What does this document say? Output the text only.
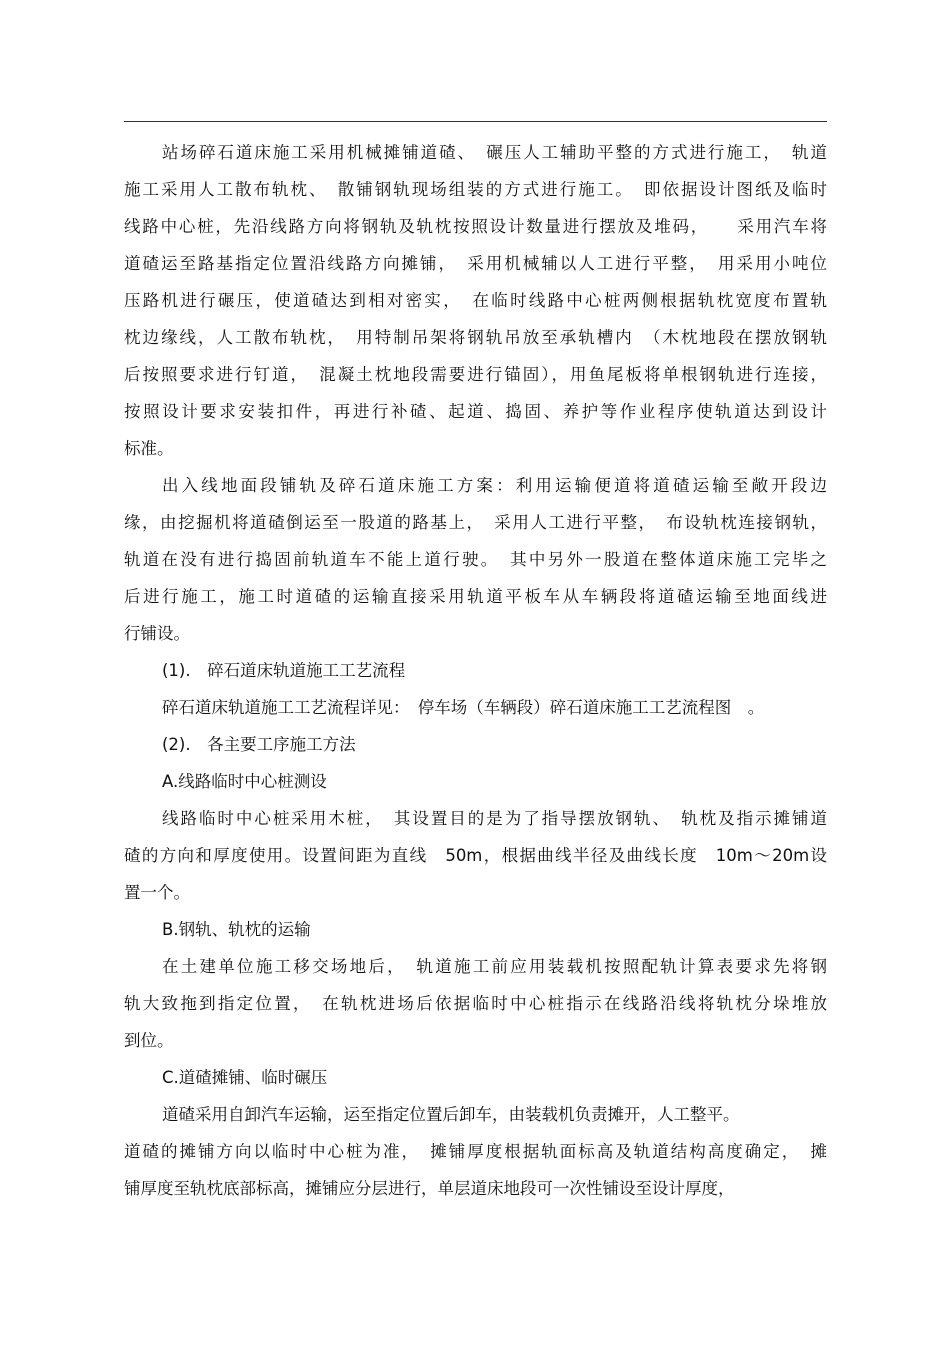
站场碎石道床施工采用机械摊铺道碴、　碾压人工辅助平整的方式进行施工，　轨道
施工采用人工散布轨枕、　散铺钢轨现场组装的方式进行施工。　即依据设计图纸及临时
线路中心桩，先沿线路方向将钢轨及轨枕按照设计数量进行摆放及堆码，　　采用汽车将
道碴运至路基指定位置沿线路方向摊铺，　采用机械辅以人工进行平整，　用采用小吨位
压路机进行碾压，使道碴达到相对密实，　在临时线路中心桩两侧根据轨枕宽度布置轨
枕边缘线，人工散布轨枕，　用特制吊架将钢轨吊放至承轨槽内　（木枕地段在摆放钢轨
后按照要求进行钉道，　混凝土枕地段需要进行锚固），用鱼尾板将单根钢轨进行连接，
按照设计要求安装扣件，再进行补碴、起道、捣固、养护等作业程序使轨道达到设计
标准。
出入线地面段铺轨及碎石道床施工方案：利用运输便道将道碴运输至敞开段边
缘，由挖掘机将道碴倒运至一股道的路基上，　采用人工进行平整，　布设轨枕连接钢轨，
轨道在没有进行捣固前轨道车不能上道行驶。　其中另外一股道在整体道床施工完毕之
后进行施工，施工时道碴的运输直接采用轨道平板车从车辆段将道碴运输至地面线进
行铺设。
(1).　碎石道床轨道施工工艺流程
碎石道床轨道施工工艺流程详见：　停车场（车辆段）碎石道床施工工艺流程图　。
(2).　各主要工序施工方法
A.线路临时中心桩测设
线路临时中心桩采用木桩，　其设置目的是为了指导摆放钢轨、　轨枕及指示摊铺道
碴的方向和厚度使用。设置间距为直线　50m，根据曲线半径及曲线长度　10m～20m设
置一个。
B.钢轨、轨枕的运输
在土建单位施工移交场地后，　轨道施工前应用装载机按照配轨计算表要求先将钢
轨大致拖到指定位置，　在轨枕进场后依据临时中心桩指示在线路沿线将轨枕分垛堆放
到位。
C.道碴摊铺、临时碾压
道碴采用自卸汽车运输，运至指定位置后卸车，由装载机负责摊开，人工整平。
道碴的摊铺方向以临时中心桩为准，　摊铺厚度根据轨面标高及轨道结构高度确定，　摊
铺厚度至轨枕底部标高，摊铺应分层进行，单层道床地段可一次性铺设至设计厚度，
